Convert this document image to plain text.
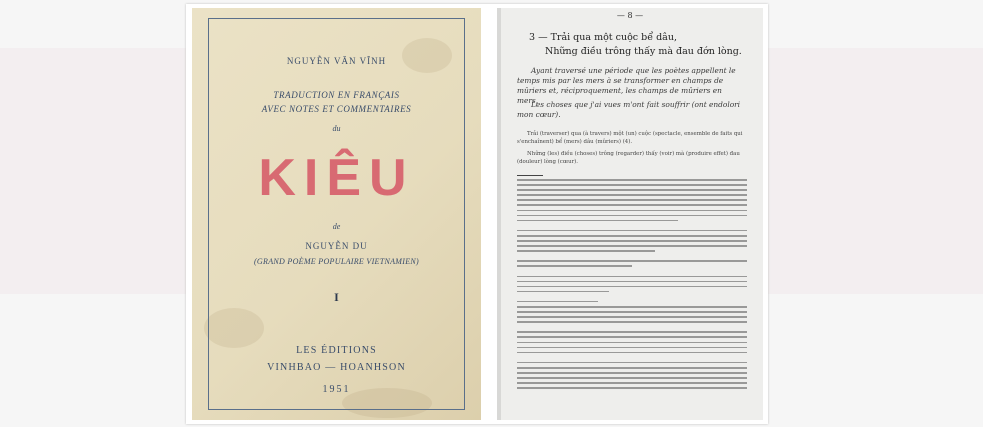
NGUYỄN VĂN VĨNH
TRADUCTION EN FRANÇAIS
AVEC NOTES ET COMMENTAIRES
du
KIÊU
de
NGUYỄN DU
(GRAND POÈME POPULAIRE VIETNAMIEN)
I
LES ÉDITIONS
VINHBAO — HOANHSON
1951
— 8 —
3 — Trải qua một cuộc bể dâu,
Những điều trông thấy mà đau đớn lòng.
Ayant traversé une période que les poètes appellent le temps mis par les mers à se transformer en champs de mûriers et, réciproquement, les champs de mûriers en mers,
Les choses que j'ai vues m'ont fait souffrir (ont endolori mon cœur).
Trải (traverser) qua (à travers) một (un) cuộc (spectacle, ensemble de faits qui s'enchaînent) bể (mers) dâu (mûriers) (4).
Những (les) điều (choses) trông (regarder) thấy (voir) mà (produire effet) đau (douleur) lòng (cœur).
